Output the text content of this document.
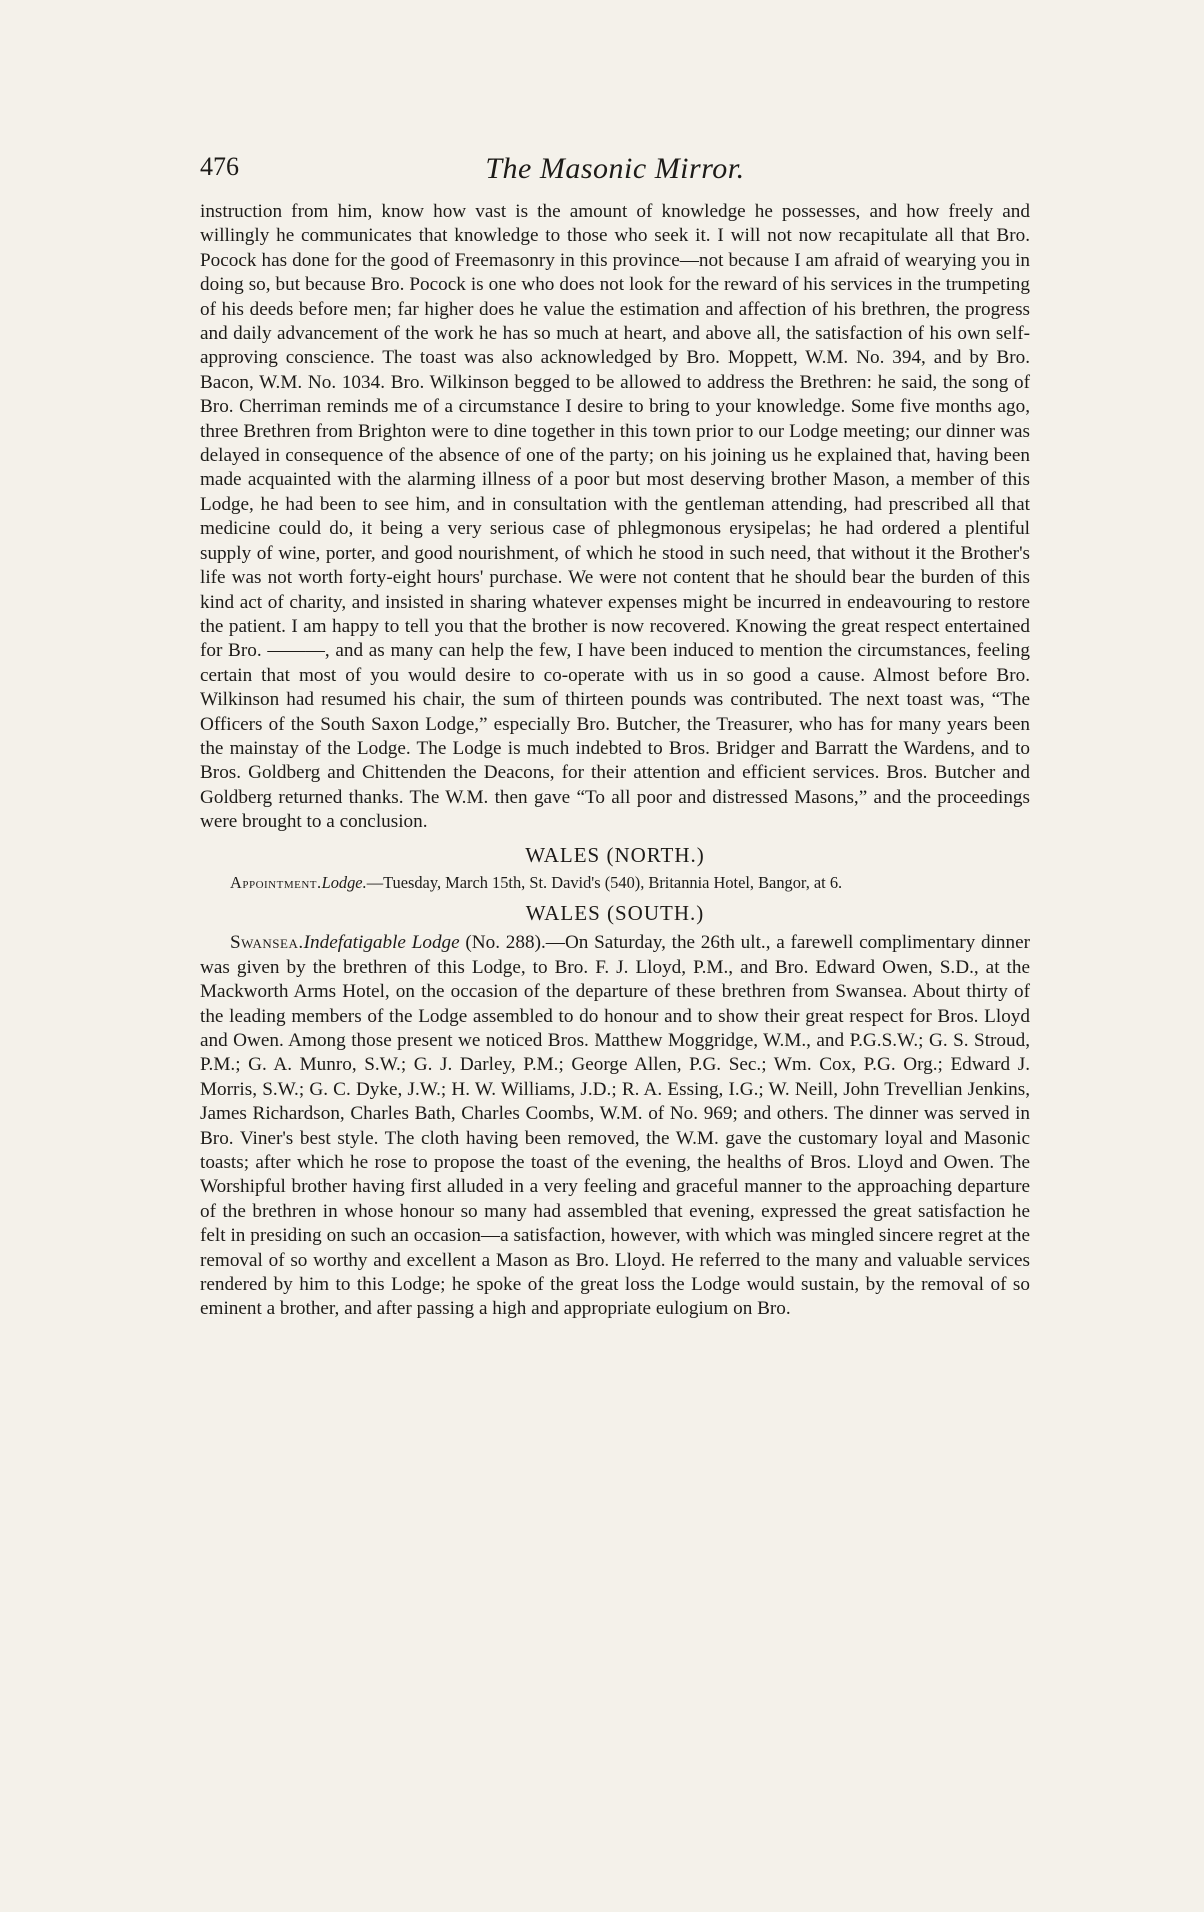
476	The Masonic Mirror.

instruction from him, know how vast is the amount of knowledge he possesses, and how freely and willingly he communicates that knowledge to those who seek it. I will not now recapitulate all that Bro. Pocock has done for the good of Freemasonry in this province—not because I am afraid of wearying you in doing so, but because Bro. Pocock is one who does not look for the reward of his services in the trumpeting of his deeds before men; far higher does he value the estimation and affection of his brethren, the progress and daily advancement of the work he has so much at heart, and above all, the satisfaction of his own self-approving conscience. The toast was also acknowledged by Bro. Moppett, W.M. No. 394, and by Bro. Bacon, W.M. No. 1034. Bro. Wilkinson begged to be allowed to address the Brethren: he said, the song of Bro. Cherriman reminds me of a circumstance I desire to bring to your knowledge. Some five months ago, three Brethren from Brighton were to dine together in this town prior to our Lodge meeting; our dinner was delayed in consequence of the absence of one of the party; on his joining us he explained that, having been made acquainted with the alarming illness of a poor but most deserving brother Mason, a member of this Lodge, he had been to see him, and in consultation with the gentleman attending, had prescribed all that medicine could do, it being a very serious case of phlegmonous erysipelas; he had ordered a plentiful supply of wine, porter, and good nourishment, of which he stood in such need, that without it the Brother's life was not worth forty-eight hours' purchase. We were not content that he should bear the burden of this kind act of charity, and insisted in sharing whatever expenses might be incurred in endeavouring to restore the patient. I am happy to tell you that the brother is now recovered. Knowing the great respect entertained for Bro. ———, and as many can help the few, I have been induced to mention the circumstances, feeling certain that most of you would desire to co-operate with us in so good a cause. Almost before Bro. Wilkinson had resumed his chair, the sum of thirteen pounds was contributed. The next toast was, “The Officers of the South Saxon Lodge,” especially Bro. Butcher, the Treasurer, who has for many years been the mainstay of the Lodge. The Lodge is much indebted to Bros. Bridger and Barratt the Wardens, and to Bros. Goldberg and Chittenden the Deacons, for their attention and efficient services. Bros. Butcher and Goldberg returned thanks. The W.M. then gave “To all poor and distressed Masons,” and the proceedings were brought to a conclusion.

WALES (NORTH.)

Appointment.Lodge.—Tuesday, March 15th, St. David's (540), Britannia Hotel, Bangor, at 6.

WALES (SOUTH.)

Swansea.Indefatigable Lodge (No. 288).—On Saturday, the 26th ult., a farewell complimentary dinner was given by the brethren of this Lodge, to Bro. F. J. Lloyd, P.M., and Bro. Edward Owen, S.D., at the Mackworth Arms Hotel, on the occasion of the departure of these brethren from Swansea. About thirty of the leading members of the Lodge assembled to do honour and to show their great respect for Bros. Lloyd and Owen. Among those present we noticed Bros. Matthew Moggridge, W.M., and P.G.S.W.; G. S. Stroud, P.M.; G. A. Munro, S.W.; G. J. Darley, P.M.; George Allen, P.G. Sec.; Wm. Cox, P.G. Org.; Edward J. Morris, S.W.; G. C. Dyke, J.W.; H. W. Williams, J.D.; R. A. Essing, I.G.; W. Neill, John Trevellian Jenkins, James Richardson, Charles Bath, Charles Coombs, W.M. of No. 969; and others. The dinner was served in Bro. Viner's best style. The cloth having been removed, the W.M. gave the customary loyal and Masonic toasts; after which he rose to propose the toast of the evening, the healths of Bros. Lloyd and Owen. The Worshipful brother having first alluded in a very feeling and graceful manner to the approaching departure of the brethren in whose honour so many had assembled that evening, expressed the great satisfaction he felt in presiding on such an occasion—a satisfaction, however, with which was mingled sincere regret at the removal of so worthy and excellent a Mason as Bro. Lloyd. He referred to the many and valuable services rendered by him to this Lodge; he spoke of the great loss the Lodge would sustain, by the removal of so eminent a brother, and after passing a high and appropriate eulogium on Bro.
